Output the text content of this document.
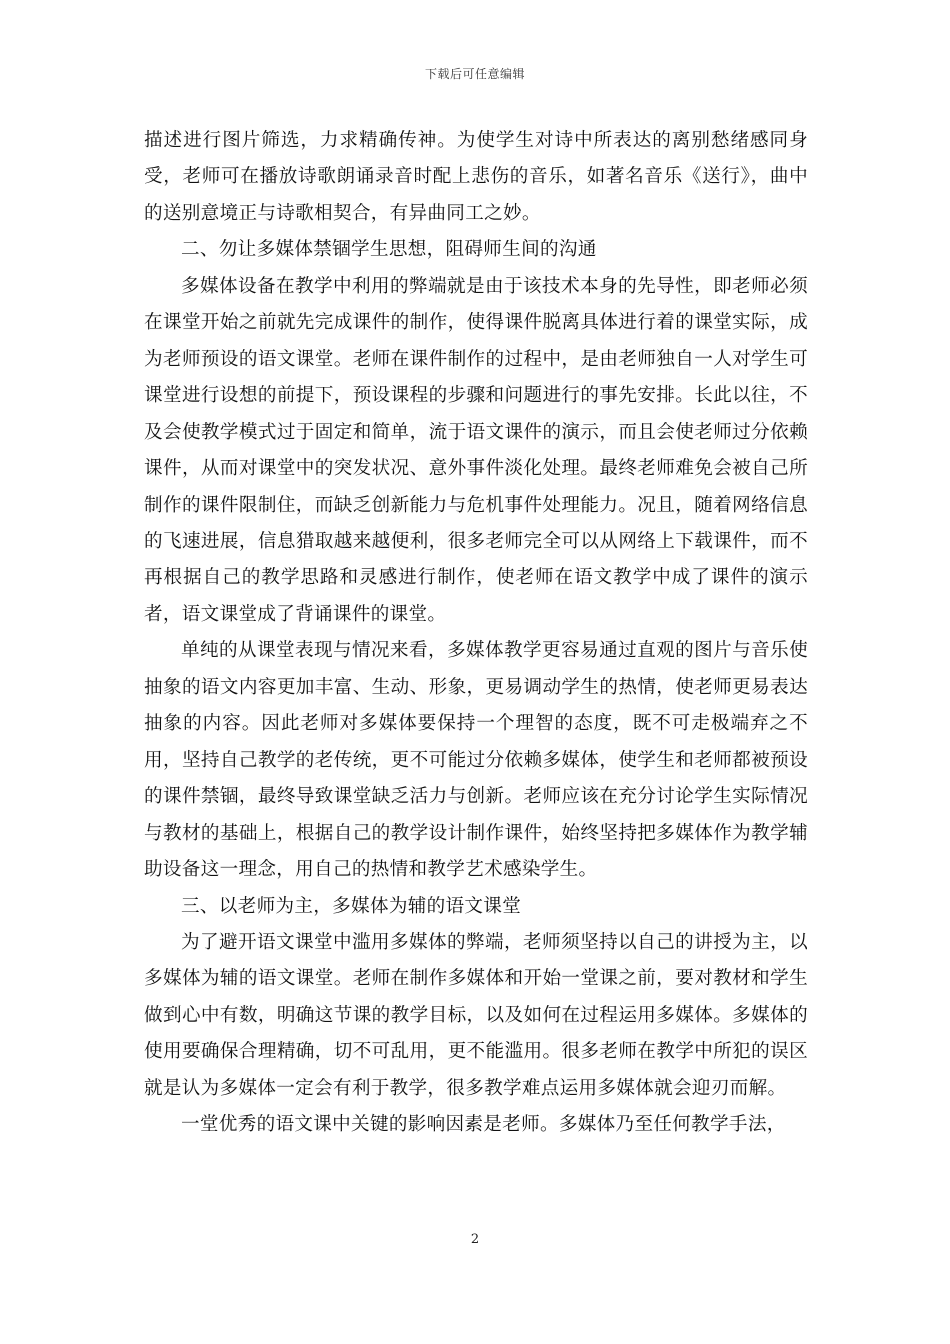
下载后可任意编辑

描述进行图片筛选，力求精确传神。为使学生对诗中所表达的离别愁绪感同身受，老师可在播放诗歌朗诵录音时配上悲伤的音乐，如著名音乐《送行》，曲中的送别意境正与诗歌相契合，有异曲同工之妙。

二、勿让多媒体禁锢学生思想，阻碍师生间的沟通

多媒体设备在教学中利用的弊端就是由于该技术本身的先导性，即老师必须在课堂开始之前就先完成课件的制作，使得课件脱离具体进行着的课堂实际，成为老师预设的语文课堂。老师在课件制作的过程中，是由老师独自一人对学生可课堂进行设想的前提下，预设课程的步骤和问题进行的事先安排。长此以往，不及会使教学模式过于固定和简单，流于语文课件的演示，而且会使老师过分依赖课件，从而对课堂中的突发状况、意外事件淡化处理。最终老师难免会被自己所制作的课件限制住，而缺乏创新能力与危机事件处理能力。况且，随着网络信息的飞速进展，信息猎取越来越便利，很多老师完全可以从网络上下载课件，而不再根据自己的教学思路和灵感进行制作，使老师在语文教学中成了课件的演示者，语文课堂成了背诵课件的课堂。

单纯的从课堂表现与情况来看，多媒体教学更容易通过直观的图片与音乐使抽象的语文内容更加丰富、生动、形象，更易调动学生的热情，使老师更易表达抽象的内容。因此老师对多媒体要保持一个理智的态度，既不可走极端弃之不用，坚持自己教学的老传统，更不可能过分依赖多媒体，使学生和老师都被预设的课件禁锢，最终导致课堂缺乏活力与创新。老师应该在充分讨论学生实际情况与教材的基础上，根据自己的教学设计制作课件，始终坚持把多媒体作为教学辅助设备这一理念，用自己的热情和教学艺术感染学生。

三、以老师为主，多媒体为辅的语文课堂

为了避开语文课堂中滥用多媒体的弊端，老师须坚持以自己的讲授为主，以多媒体为辅的语文课堂。老师在制作多媒体和开始一堂课之前，要对教材和学生做到心中有数，明确这节课的教学目标，以及如何在过程运用多媒体。多媒体的使用要确保合理精确，切不可乱用，更不能滥用。很多老师在教学中所犯的误区就是认为多媒体一定会有利于教学，很多教学难点运用多媒体就会迎刃而解。

一堂优秀的语文课中关键的影响因素是老师。多媒体乃至任何教学手法，

2
